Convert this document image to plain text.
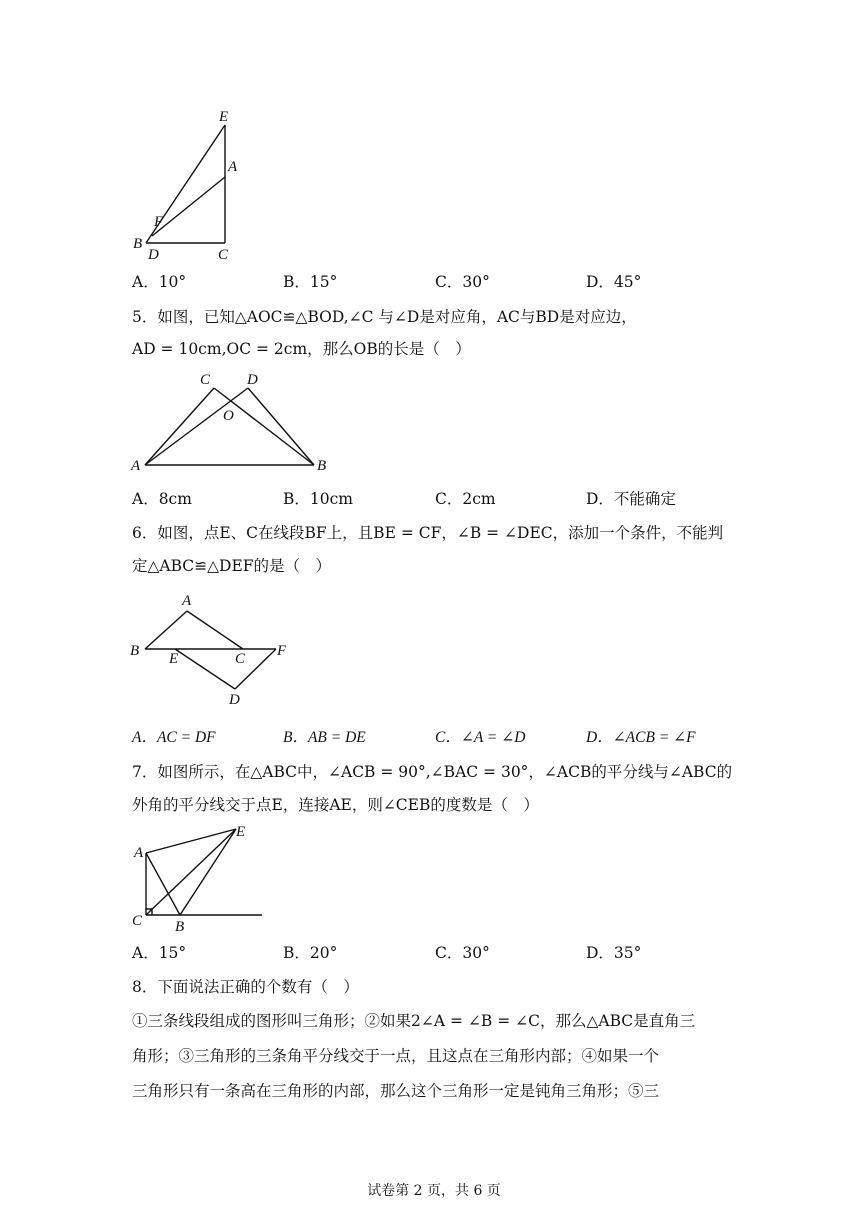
E
A
F
B
D	C
A．10°	B．15°	C．30°	D．45°
5．如图，已知△AOC≌△BOD,∠C 与∠D是对应角，AC与BD是对应边，
AD = 10cm,OC = 2cm，那么OB的长是（　）
C D
O
A	B
A．8cm	B．10cm	C．2cm	D．不能确定
6．如图，点E、C在线段BF上，且BE = CF，∠B = ∠DEC，添加一个条件，不能判
定△ABC≌△DEF的是（　）
A
B E	C F
D
A．AC = DF	B．AB = DE	C．∠A = ∠D	D．∠ACB = ∠F
7．如图所示，在△ABC中，∠ACB = 90°,∠BAC = 30°，∠ACB的平分线与∠ABC的
外角的平分线交于点E，连接AE，则∠CEB的度数是（　）
A
E
C B
A．15°	B．20°	C．30°	D．35°
8．下面说法正确的个数有（　）
①三条线段组成的图形叫三角形；②如果2∠A = ∠B = ∠C，那么△ABC是直角三
角形；③三角形的三条角平分线交于一点，且这点在三角形内部；④如果一个
三角形只有一条高在三角形的内部，那么这个三角形一定是钝角三角形；⑤三
试卷第 2 页，共 6 页
